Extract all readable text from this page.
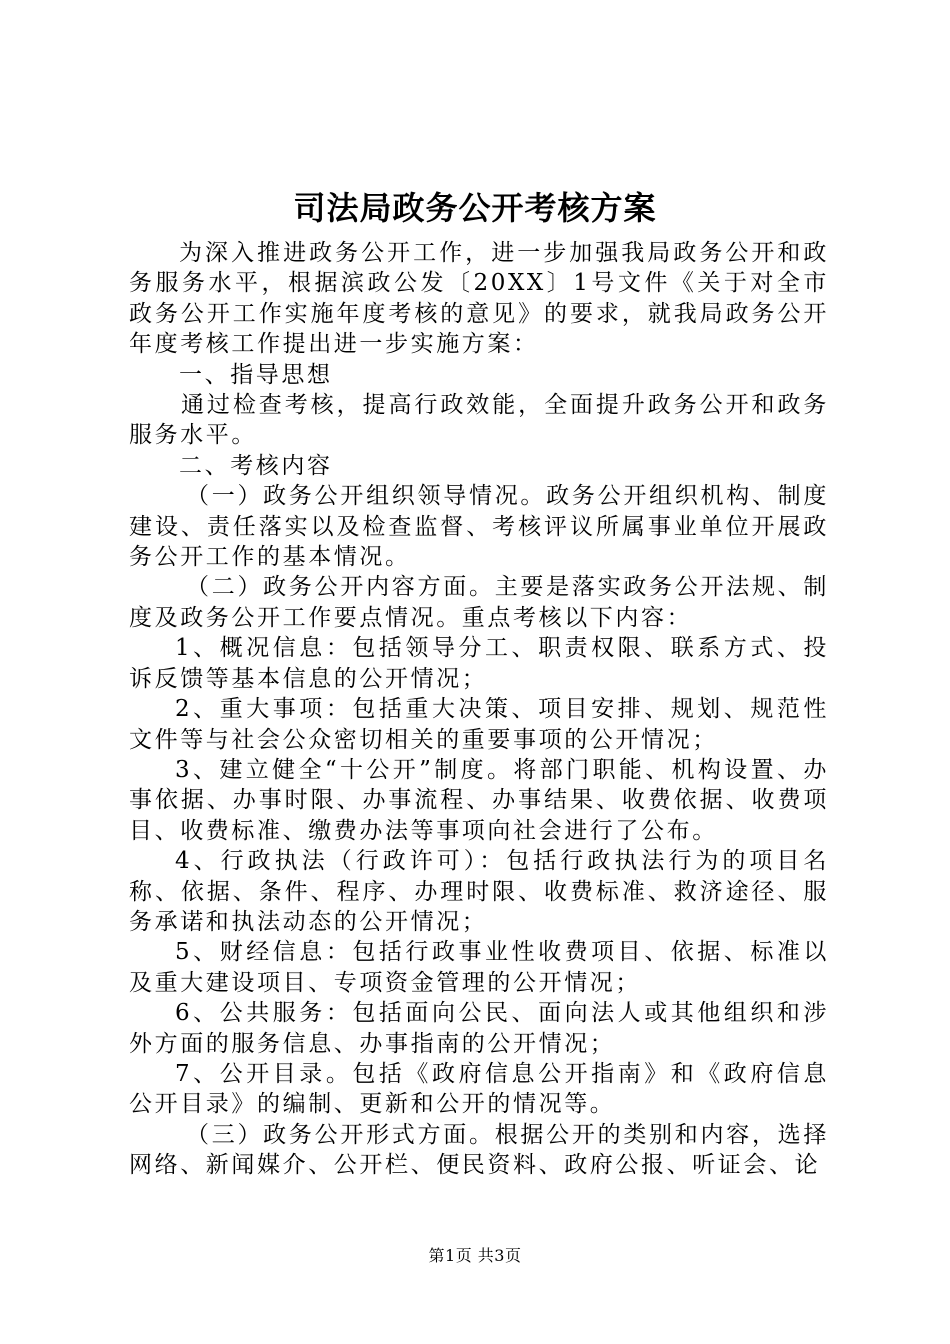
司法局政务公开考核方案

为深入推进政务公开工作，进一步加强我局政务公开和政务服务水平，根据滨政公发〔20XX〕1号文件《关于对全市政务公开工作实施年度考核的意见》的要求，就我局政务公开年度考核工作提出进一步实施方案：

一、指导思想

通过检查考核，提高行政效能，全面提升政务公开和政务服务水平。

二、考核内容

（一）政务公开组织领导情况。政务公开组织机构、制度建设、责任落实以及检查监督、考核评议所属事业单位开展政务公开工作的基本情况。

（二）政务公开内容方面。主要是落实政务公开法规、制度及政务公开工作要点情况。重点考核以下内容：

1、概况信息：包括领导分工、职责权限、联系方式、投诉反馈等基本信息的公开情况；

2、重大事项：包括重大决策、项目安排、规划、规范性文件等与社会公众密切相关的重要事项的公开情况；

3、建立健全“十公开”制度。将部门职能、机构设置、办事依据、办事时限、办事流程、办事结果、收费依据、收费项目、收费标准、缴费办法等事项向社会进行了公布。

4、行政执法（行政许可）：包括行政执法行为的项目名称、依据、条件、程序、办理时限、收费标准、救济途径、服务承诺和执法动态的公开情况；

5、财经信息：包括行政事业性收费项目、依据、标准以及重大建设项目、专项资金管理的公开情况；

6、公共服务：包括面向公民、面向法人或其他组织和涉外方面的服务信息、办事指南的公开情况；

7、公开目录。包括《政府信息公开指南》和《政府信息公开目录》的编制、更新和公开的情况等。

（三）政务公开形式方面。根据公开的类别和内容，选择网络、新闻媒介、公开栏、便民资料、政府公报、听证会、论

第1页 共3页
